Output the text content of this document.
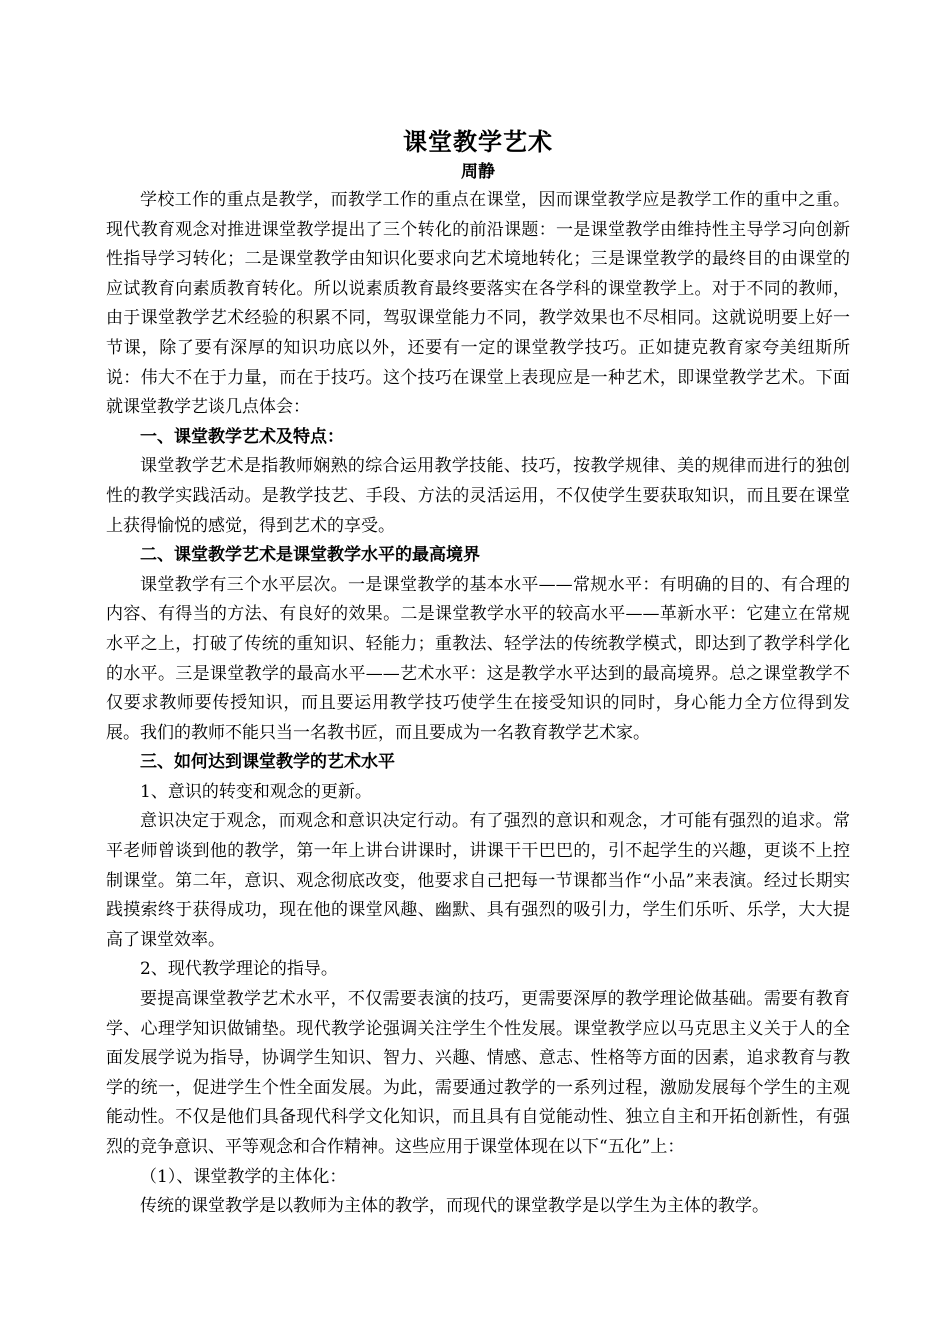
课堂教学艺术
周静

学校工作的重点是教学，而教学工作的重点在课堂，因而课堂教学应是教学工作的重中之重。现代教育观念对推进课堂教学提出了三个转化的前沿课题：一是课堂教学由维持性主导学习向创新性指导学习转化；二是课堂教学由知识化要求向艺术境地转化；三是课堂教学的最终目的由课堂的应试教育向素质教育转化。所以说素质教育最终要落实在各学科的课堂教学上。对于不同的教师，由于课堂教学艺术经验的积累不同，驾驭课堂能力不同，教学效果也不尽相同。这就说明要上好一节课，除了要有深厚的知识功底以外，还要有一定的课堂教学技巧。正如捷克教育家夸美纽斯所说：伟大不在于力量，而在于技巧。这个技巧在课堂上表现应是一种艺术，即课堂教学艺术。下面就课堂教学艺谈几点体会：

一、课堂教学艺术及特点：

课堂教学艺术是指教师娴熟的综合运用教学技能、技巧，按教学规律、美的规律而进行的独创性的教学实践活动。是教学技艺、手段、方法的灵活运用，不仅使学生要获取知识，而且要在课堂上获得愉悦的感觉，得到艺术的享受。

二、课堂教学艺术是课堂教学水平的最高境界

课堂教学有三个水平层次。一是课堂教学的基本水平——常规水平：有明确的目的、有合理的内容、有得当的方法、有良好的效果。二是课堂教学水平的较高水平——革新水平：它建立在常规水平之上，打破了传统的重知识、轻能力；重教法、轻学法的传统教学模式，即达到了教学科学化的水平。三是课堂教学的最高水平——艺术水平：这是教学水平达到的最高境界。总之课堂教学不仅要求教师要传授知识，而且要运用教学技巧使学生在接受知识的同时，身心能力全方位得到发展。我们的教师不能只当一名教书匠，而且要成为一名教育教学艺术家。

三、如何达到课堂教学的艺术水平

1、意识的转变和观念的更新。

意识决定于观念，而观念和意识决定行动。有了强烈的意识和观念，才可能有强烈的追求。常平老师曾谈到他的教学，第一年上讲台讲课时，讲课干干巴巴的，引不起学生的兴趣，更谈不上控制课堂。第二年，意识、观念彻底改变，他要求自己把每一节课都当作“小品”来表演。经过长期实践摸索终于获得成功，现在他的课堂风趣、幽默、具有强烈的吸引力，学生们乐听、乐学，大大提高了课堂效率。

2、现代教学理论的指导。

要提高课堂教学艺术水平，不仅需要表演的技巧，更需要深厚的教学理论做基础。需要有教育学、心理学知识做铺垫。现代教学论强调关注学生个性发展。课堂教学应以马克思主义关于人的全面发展学说为指导，协调学生知识、智力、兴趣、情感、意志、性格等方面的因素，追求教育与教学的统一，促进学生个性全面发展。为此，需要通过教学的一系列过程，激励发展每个学生的主观能动性。不仅是他们具备现代科学文化知识，而且具有自觉能动性、独立自主和开拓创新性，有强烈的竞争意识、平等观念和合作精神。这些应用于课堂体现在以下“五化”上：

（1）、课堂教学的主体化：

传统的课堂教学是以教师为主体的教学，而现代的课堂教学是以学生为主体的教学。
